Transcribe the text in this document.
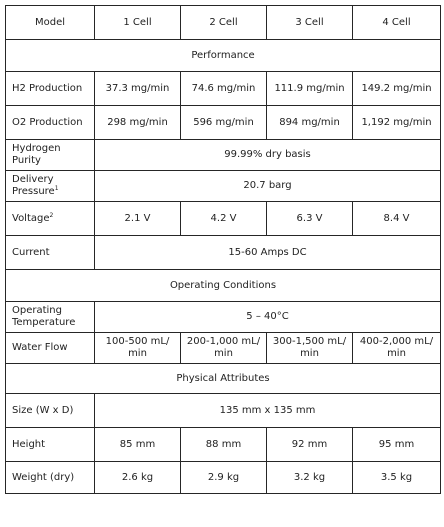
Model	1 Cell	2 Cell	3 Cell	4 Cell
Performance				
H2 Production	37.3 mg/min	74.6 mg/min	111.9 mg/min	149.2 mg/min
O2 Production	298 mg/min	596 mg/min	894 mg/min	1,192 mg/min
Hydrogen Purity	99.99% dry basis			
Delivery Pressure$^1$	20.7 barg			
Voltage$^2$	2.1 V	4.2 V	6.3 V	8.4 V
Current	15-60 Amps DC			
Operating Conditions				
Operating Temperature	5 – 40°C			
Water Flow	100-500 mL/ min	200-1,000 mL/ min	300-1,500 mL/ min	400-2,000 mL/ min
Physical Attributes				
Size (W x D)	135 mm x 135 mm			
Height	85 mm	88 mm	92 mm	95 mm
Weight (dry)	2.6 kg	2.9 kg	3.2 kg	3.5 kg
